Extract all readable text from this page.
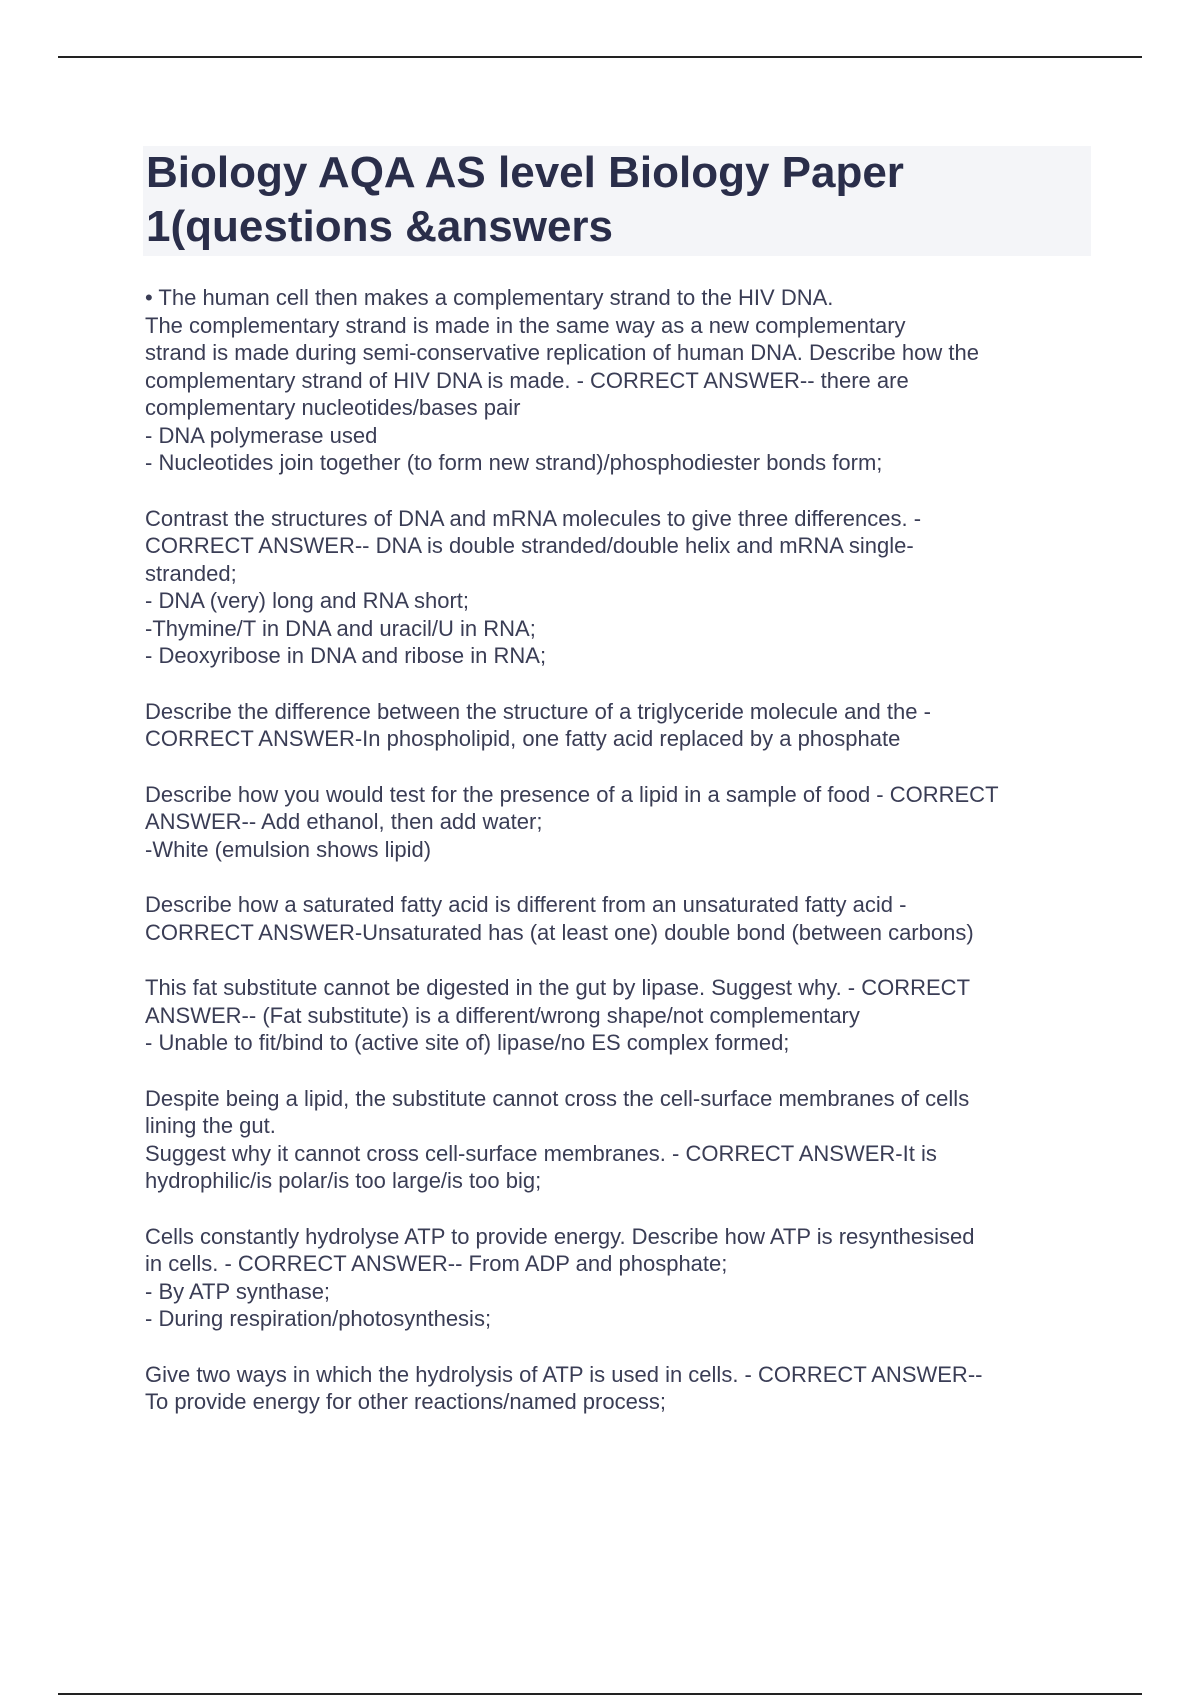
Biology AQA AS level Biology Paper
1(questions &answers
• The human cell then makes a complementary strand to the HIV DNA.
The complementary strand is made in the same way as a new complementary
strand is made during semi-conservative replication of human DNA. Describe how the
complementary strand of HIV DNA is made. - CORRECT ANSWER-- there are
complementary nucleotides/bases pair
- DNA polymerase used
- Nucleotides join together (to form new strand)/phosphodiester bonds form;
Contrast the structures of DNA and mRNA molecules to give three differences. -
CORRECT ANSWER-- DNA is double stranded/double helix and mRNA single-
stranded;
- DNA (very) long and RNA short;
-Thymine/T in DNA and uracil/U in RNA;
- Deoxyribose in DNA and ribose in RNA;
Describe the difference between the structure of a triglyceride molecule and the -
CORRECT ANSWER-In phospholipid, one fatty acid replaced by a phosphate
Describe how you would test for the presence of a lipid in a sample of food - CORRECT
ANSWER-- Add ethanol, then add water;
-White (emulsion shows lipid)
Describe how a saturated fatty acid is different from an unsaturated fatty acid -
CORRECT ANSWER-Unsaturated has (at least one) double bond (between carbons)
This fat substitute cannot be digested in the gut by lipase. Suggest why. - CORRECT
ANSWER-- (Fat substitute) is a different/wrong shape/not complementary
- Unable to fit/bind to (active site of) lipase/no ES complex formed;
Despite being a lipid, the substitute cannot cross the cell-surface membranes of cells
lining the gut.
Suggest why it cannot cross cell-surface membranes. - CORRECT ANSWER-It is
hydrophilic/is polar/is too large/is too big;
Cells constantly hydrolyse ATP to provide energy. Describe how ATP is resynthesised
in cells. - CORRECT ANSWER-- From ADP and phosphate;
- By ATP synthase;
- During respiration/photosynthesis;
Give two ways in which the hydrolysis of ATP is used in cells. - CORRECT ANSWER--
To provide energy for other reactions/named process;
